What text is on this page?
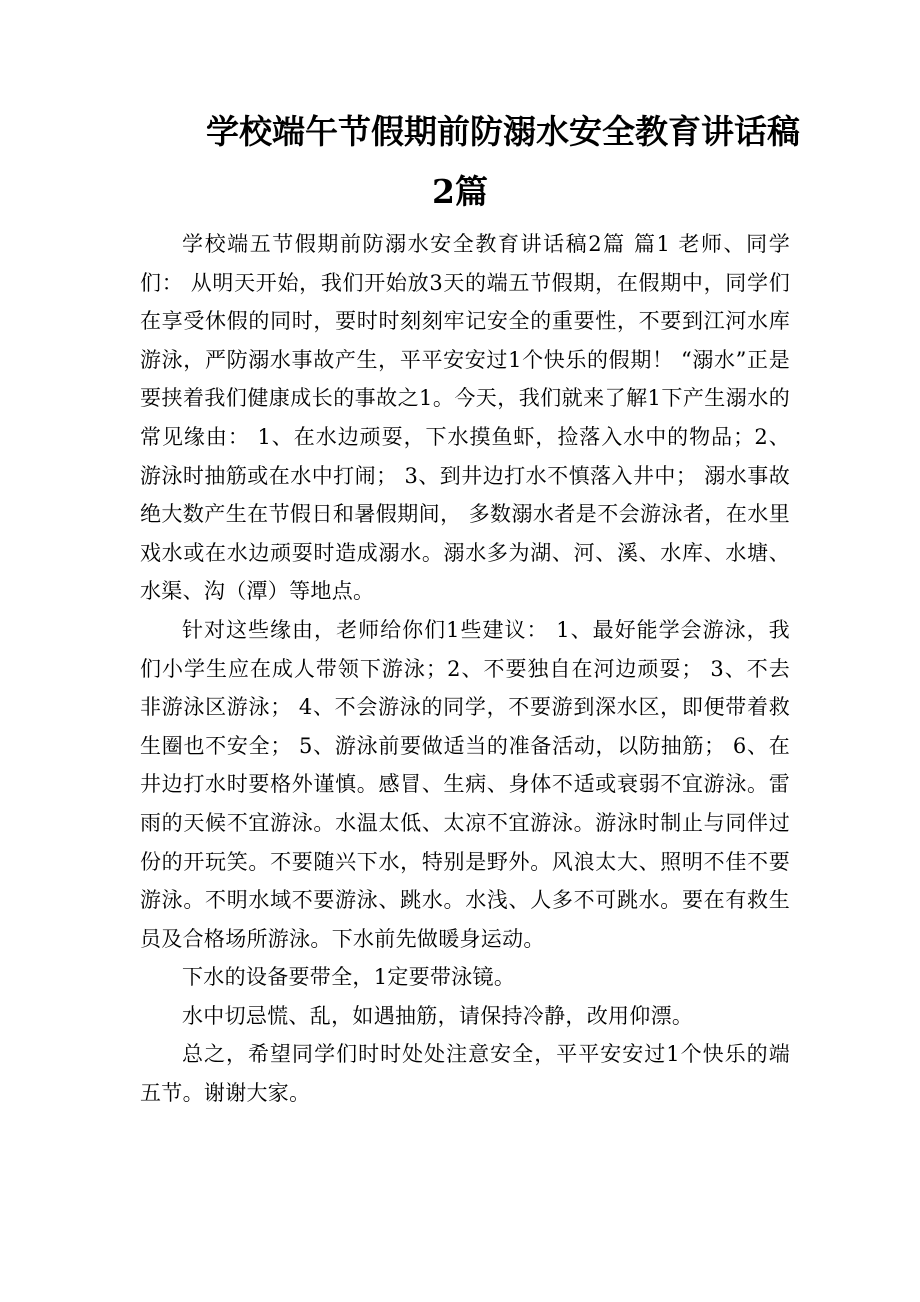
学校端午节假期前防溺水安全教育讲话稿
2篇

学校端五节假期前防溺水安全教育讲话稿2篇 篇1 老师、同学们： 从明天开始，我们开始放3天的端五节假期，在假期中，同学们在享受休假的同时，要时时刻刻牢记安全的重要性，不要到江河水库游泳，严防溺水事故产生，平平安安过1个快乐的假期！ “溺水”正是要挟着我们健康成长的事故之1。今天，我们就来了解1下产生溺水的常见缘由： 1、在水边顽耍，下水摸鱼虾，捡落入水中的物品；2、游泳时抽筋或在水中打闹； 3、到井边打水不慎落入井中； 溺水事故绝大数产生在节假日和暑假期间， 多数溺水者是不会游泳者，在水里戏水或在水边顽耍时造成溺水。溺水多为湖、河、溪、水库、水塘、水渠、沟（潭）等地点。

针对这些缘由，老师给你们1些建议： 1、最好能学会游泳，我们小学生应在成人带领下游泳；2、不要独自在河边顽耍； 3、不去非游泳区游泳； 4、不会游泳的同学，不要游到深水区，即便带着救生圈也不安全； 5、游泳前要做适当的准备活动，以防抽筋； 6、在井边打水时要格外谨慎。感冒、生病、身体不适或衰弱不宜游泳。雷雨的天候不宜游泳。水温太低、太凉不宜游泳。游泳时制止与同伴过份的开玩笑。不要随兴下水，特别是野外。风浪太大、照明不佳不要游泳。不明水域不要游泳、跳水。水浅、人多不可跳水。要在有救生员及合格场所游泳。下水前先做暖身运动。

下水的设备要带全，1定要带泳镜。

水中切忌慌、乱，如遇抽筋，请保持冷静，改用仰漂。

总之，希望同学们时时处处注意安全，平平安安过1个快乐的端五节。谢谢大家。
